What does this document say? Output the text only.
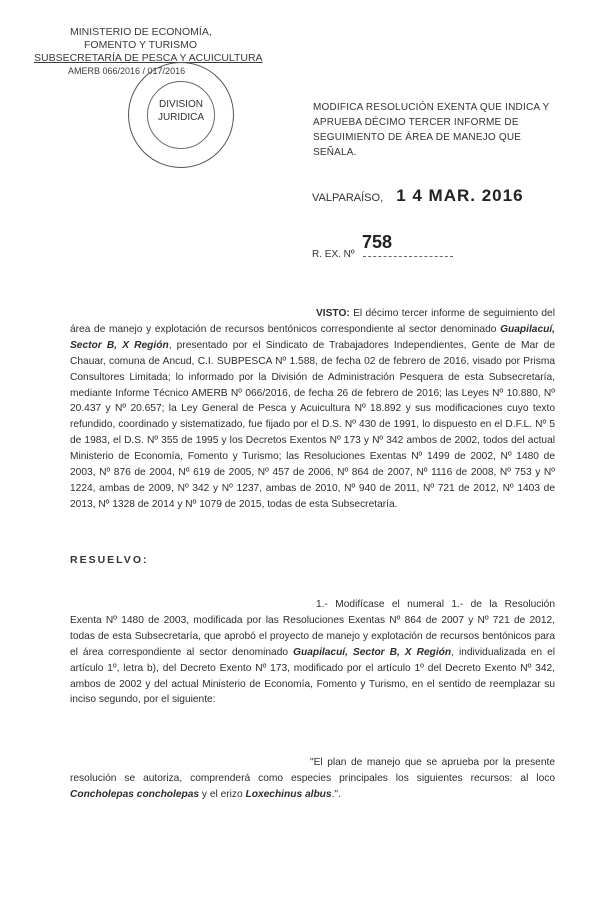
MINISTERIO DE ECONOMÍA,
FOMENTO Y TURISMO
SUBSECRETARÍA DE PESCA Y ACUICULTURA
AMERB 066/2016 / 017/2016
DIVISION
JURIDICA
MODIFICA RESOLUCIÓN EXENTA QUE INDICA Y APRUEBA DÉCIMO TERCER INFORME DE SEGUIMIENTO DE ÁREA DE MANEJO QUE SEÑALA.
VALPARAÍSO, 1 4 MAR. 2016
R. EX. Nº
758
VISTO: El décimo tercer informe de seguimiento del área de manejo y explotación de recursos bentónicos correspondiente al sector denominado Guapilacuí, Sector B, X Región, presentado por el Sindicato de Trabajadores Independientes, Gente de Mar de Chauar, comuna de Ancud, C.I. SUBPESCA Nº 1.588, de fecha 02 de febrero de 2016, visado por Prisma Consultores Limitada; lo informado por la División de Administración Pesquera de esta Subsecretaría, mediante Informe Técnico AMERB Nº 066/2016, de fecha 26 de febrero de 2016; las Leyes Nº 10.880, Nº 20.437 y Nº 20.657; la Ley General de Pesca y Acuicultura Nº 18.892 y sus modificaciones cuyo texto refundido, coordinado y sistematizado, fue fijado por el D.S. Nº 430 de 1991, lo dispuesto en el D.F.L. Nº 5 de 1983, el D.S. Nº 355 de 1995 y los Decretos Exentos Nº 173 y Nº 342 ambos de 2002, todos del actual Ministerio de Economía, Fomento y Turismo; las Resoluciones Exentas Nº 1499 de 2002, Nº 1480 de 2003, Nº 876 de 2004, Nº 619 de 2005, Nº 457 de 2006, Nº 864 de 2007, Nº 1116 de 2008, Nº 753 y Nº 1224, ambas de 2009, Nº 342 y Nº 1237, ambas de 2010, Nº 940 de 2011, Nº 721 de 2012, Nº 1403 de 2013, Nº 1328 de 2014 y Nº 1079 de 2015, todas de esta Subsecretaría.
RESUELVO:
1.- Modifícase el numeral 1.- de la Resolución Exenta Nº 1480 de 2003, modificada por las Resoluciones Exentas Nº 864 de 2007 y Nº 721 de 2012, todas de esta Subsecretaría, que aprobó el proyecto de manejo y explotación de recursos bentónicos para el área correspondiente al sector denominado Guapilacuí, Sector B, X Región, individualizada en el artículo 1º, letra b), del Decreto Exento Nº 173, modificado por el artículo 1º del Decreto Exento Nº 342, ambos de 2002 y del actual Ministerio de Economía, Fomento y Turismo, en el sentido de reemplazar su inciso segundo, por el siguiente:
"El plan de manejo que se aprueba por la presente resolución se autoriza, comprenderá como especies principales los siguientes recursos: al loco Concholepas concholepas y el erizo Loxechinus albus.".
